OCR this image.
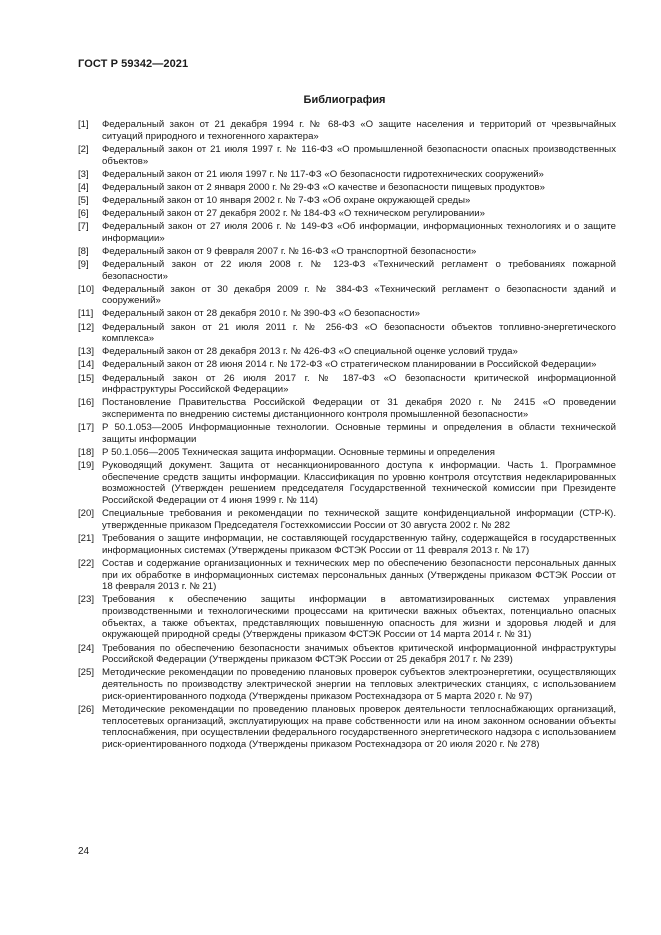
ГОСТ Р 59342—2021
Библиография
[1]	Федеральный закон от 21 декабря 1994 г. № 68-ФЗ «О защите населения и территорий от чрезвычайных ситуаций природного и техногенного характера»
[2]	Федеральный закон от 21 июля 1997 г. № 116-ФЗ «О промышленной безопасности опасных производственных объектов»
[3]	Федеральный закон от 21 июля 1997 г. № 117-ФЗ «О безопасности гидротехнических сооружений»
[4]	Федеральный закон от 2 января 2000 г. № 29-ФЗ «О качестве и безопасности пищевых продуктов»
[5]	Федеральный закон от 10 января 2002 г. № 7-ФЗ «Об охране окружающей среды»
[6]	Федеральный закон от 27 декабря 2002 г. № 184-ФЗ «О техническом регулировании»
[7]	Федеральный закон от 27 июля 2006 г. № 149-ФЗ «Об информации, информационных технологиях и о защите информации»
[8]	Федеральный закон от 9 февраля 2007 г. № 16-ФЗ «О транспортной безопасности»
[9]	Федеральный закон от 22 июля 2008 г. № 123-ФЗ «Технический регламент о требованиях пожарной безопасности»
[10] Федеральный закон от 30 декабря 2009 г. № 384-ФЗ «Технический регламент о безопасности зданий и сооружений»
[11] Федеральный закон от 28 декабря 2010 г. № 390-ФЗ «О безопасности»
[12] Федеральный закон от 21 июля 2011 г. № 256-ФЗ «О безопасности объектов топливно-энергетического комплекса»
[13] Федеральный закон от 28 декабря 2013 г. № 426-ФЗ «О специальной оценке условий труда»
[14] Федеральный закон от 28 июня 2014 г. № 172-ФЗ «О стратегическом планировании в Российской Федерации»
[15] Федеральный закон от 26 июля 2017 г. № 187-ФЗ «О безопасности критической информационной инфраструктуры Российской Федерации»
[16] Постановление Правительства Российской Федерации от 31 декабря 2020 г. № 2415 «О проведении эксперимента по внедрению системы дистанционного контроля промышленной безопасности»
[17] Р 50.1.053—2005 Информационные технологии. Основные термины и определения в области технической защиты информации
[18] Р 50.1.056—2005 Техническая защита информации. Основные термины и определения
[19] Руководящий документ. Защита от несанкционированного доступа к информации. Часть 1. Программное обеспечение средств защиты информации. Классификация по уровню контроля отсутствия недекларированных возможностей (Утвержден решением председателя Государственной технической комиссии при Президенте Российской Федерации от 4 июня 1999 г. № 114)
[20] Специальные требования и рекомендации по технической защите конфиденциальной информации (СТР-К). утвержденные приказом Председателя Гостехкомиссии России от 30 августа 2002 г. № 282
[21] Требования о защите информации, не составляющей государственную тайну, содержащейся в государственных информационных системах (Утверждены приказом ФСТЭК России от 11 февраля 2013 г. № 17)
[22] Состав и содержание организационных и технических мер по обеспечению безопасности персональных данных при их обработке в информационных системах персональных данных (Утверждены приказом ФСТЭК России от 18 февраля 2013 г. № 21)
[23] Требования к обеспечению защиты информации в автоматизированных системах управления производственными и технологическими процессами на критически важных объектах, потенциально опасных объектах, а также объектах, представляющих повышенную опасность для жизни и здоровья людей и для окружающей природной среды (Утверждены приказом ФСТЭК России от 14 марта 2014 г. № 31)
[24] Требования по обеспечению безопасности значимых объектов критической информационной инфраструктуры Российской Федерации (Утверждены приказом ФСТЭК России от 25 декабря 2017 г. № 239)
[25] Методические рекомендации по проведению плановых проверок субъектов электроэнергетики, осуществляющих деятельность по производству электрической энергии на тепловых электрических станциях, с использованием риск-ориентированного подхода (Утверждены приказом Ростехнадзора от 5 марта 2020 г. № 97)
[26] Методические рекомендации по проведению плановых проверок деятельности теплоснабжающих организаций, теплосетевых организаций, эксплуатирующих на праве собственности или на ином законном основании объекты теплоснабжения, при осуществлении федерального государственного энергетического надзора с использованием риск-ориентированного подхода (Утверждены приказом Ростехнадзора от 20 июля 2020 г. № 278)
24
